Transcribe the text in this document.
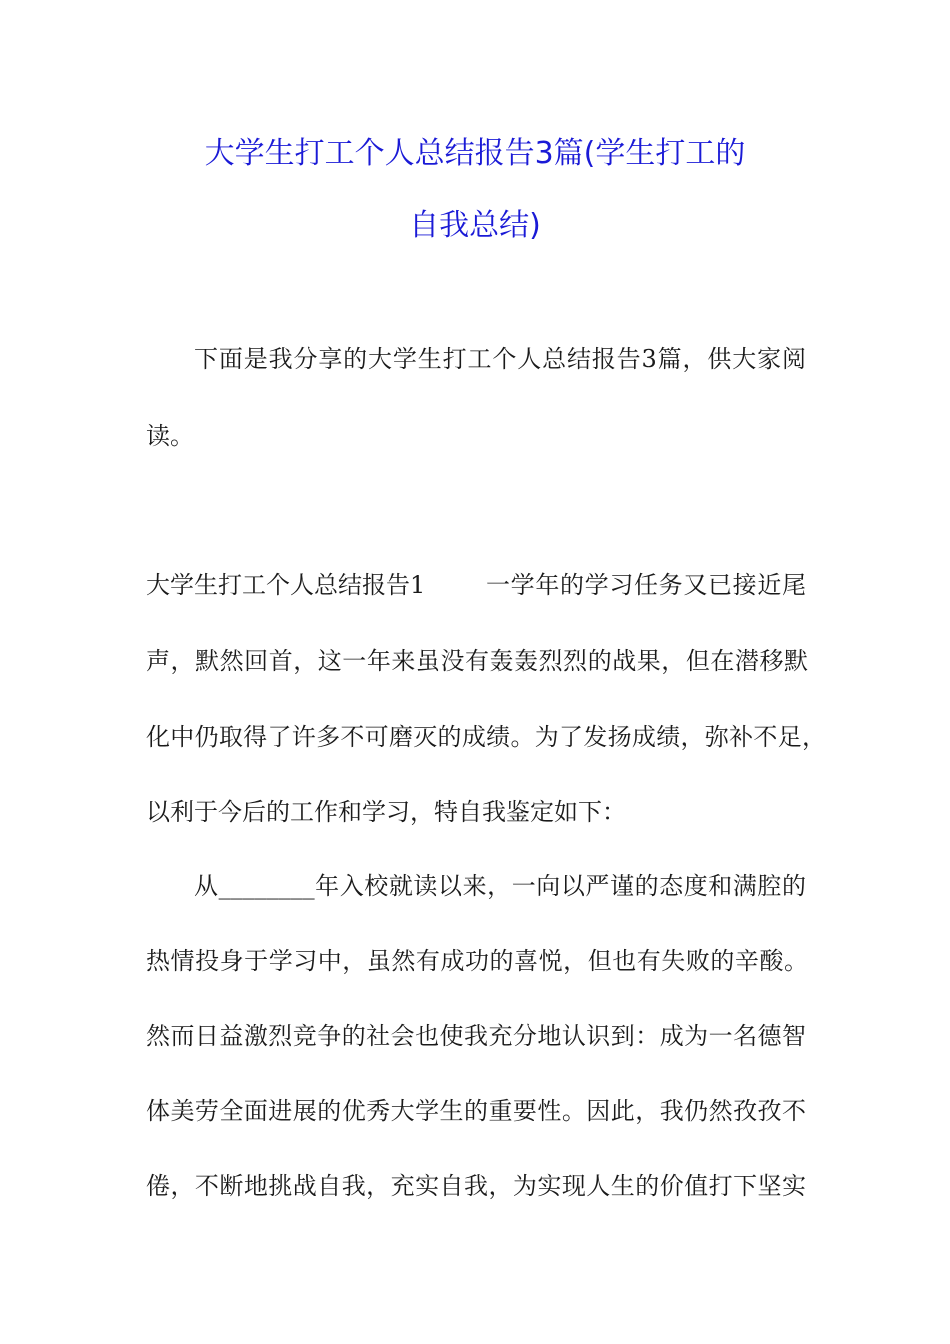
大学生打工个人总结报告3篇(学生打工的
自我总结)

下面是我分享的大学生打工个人总结报告3篇，供大家阅

读。

大学生打工个人总结报告1	一学年的学习任务又已接近尾

声，默然回首，这一年来虽没有轰轰烈烈的战果，但在潜移默

化中仍取得了许多不可磨灭的成绩。为了发扬成绩，弥补不足，

以利于今后的工作和学习，特自我鉴定如下：

从________年入校就读以来，一向以严谨的态度和满腔的

热情投身于学习中，虽然有成功的喜悦，但也有失败的辛酸。

然而日益激烈竞争的社会也使我充分地认识到：成为一名德智

体美劳全面进展的优秀大学生的重要性。因此，我仍然孜孜不

倦，不断地挑战自我，充实自我，为实现人生的价值打下坚实
